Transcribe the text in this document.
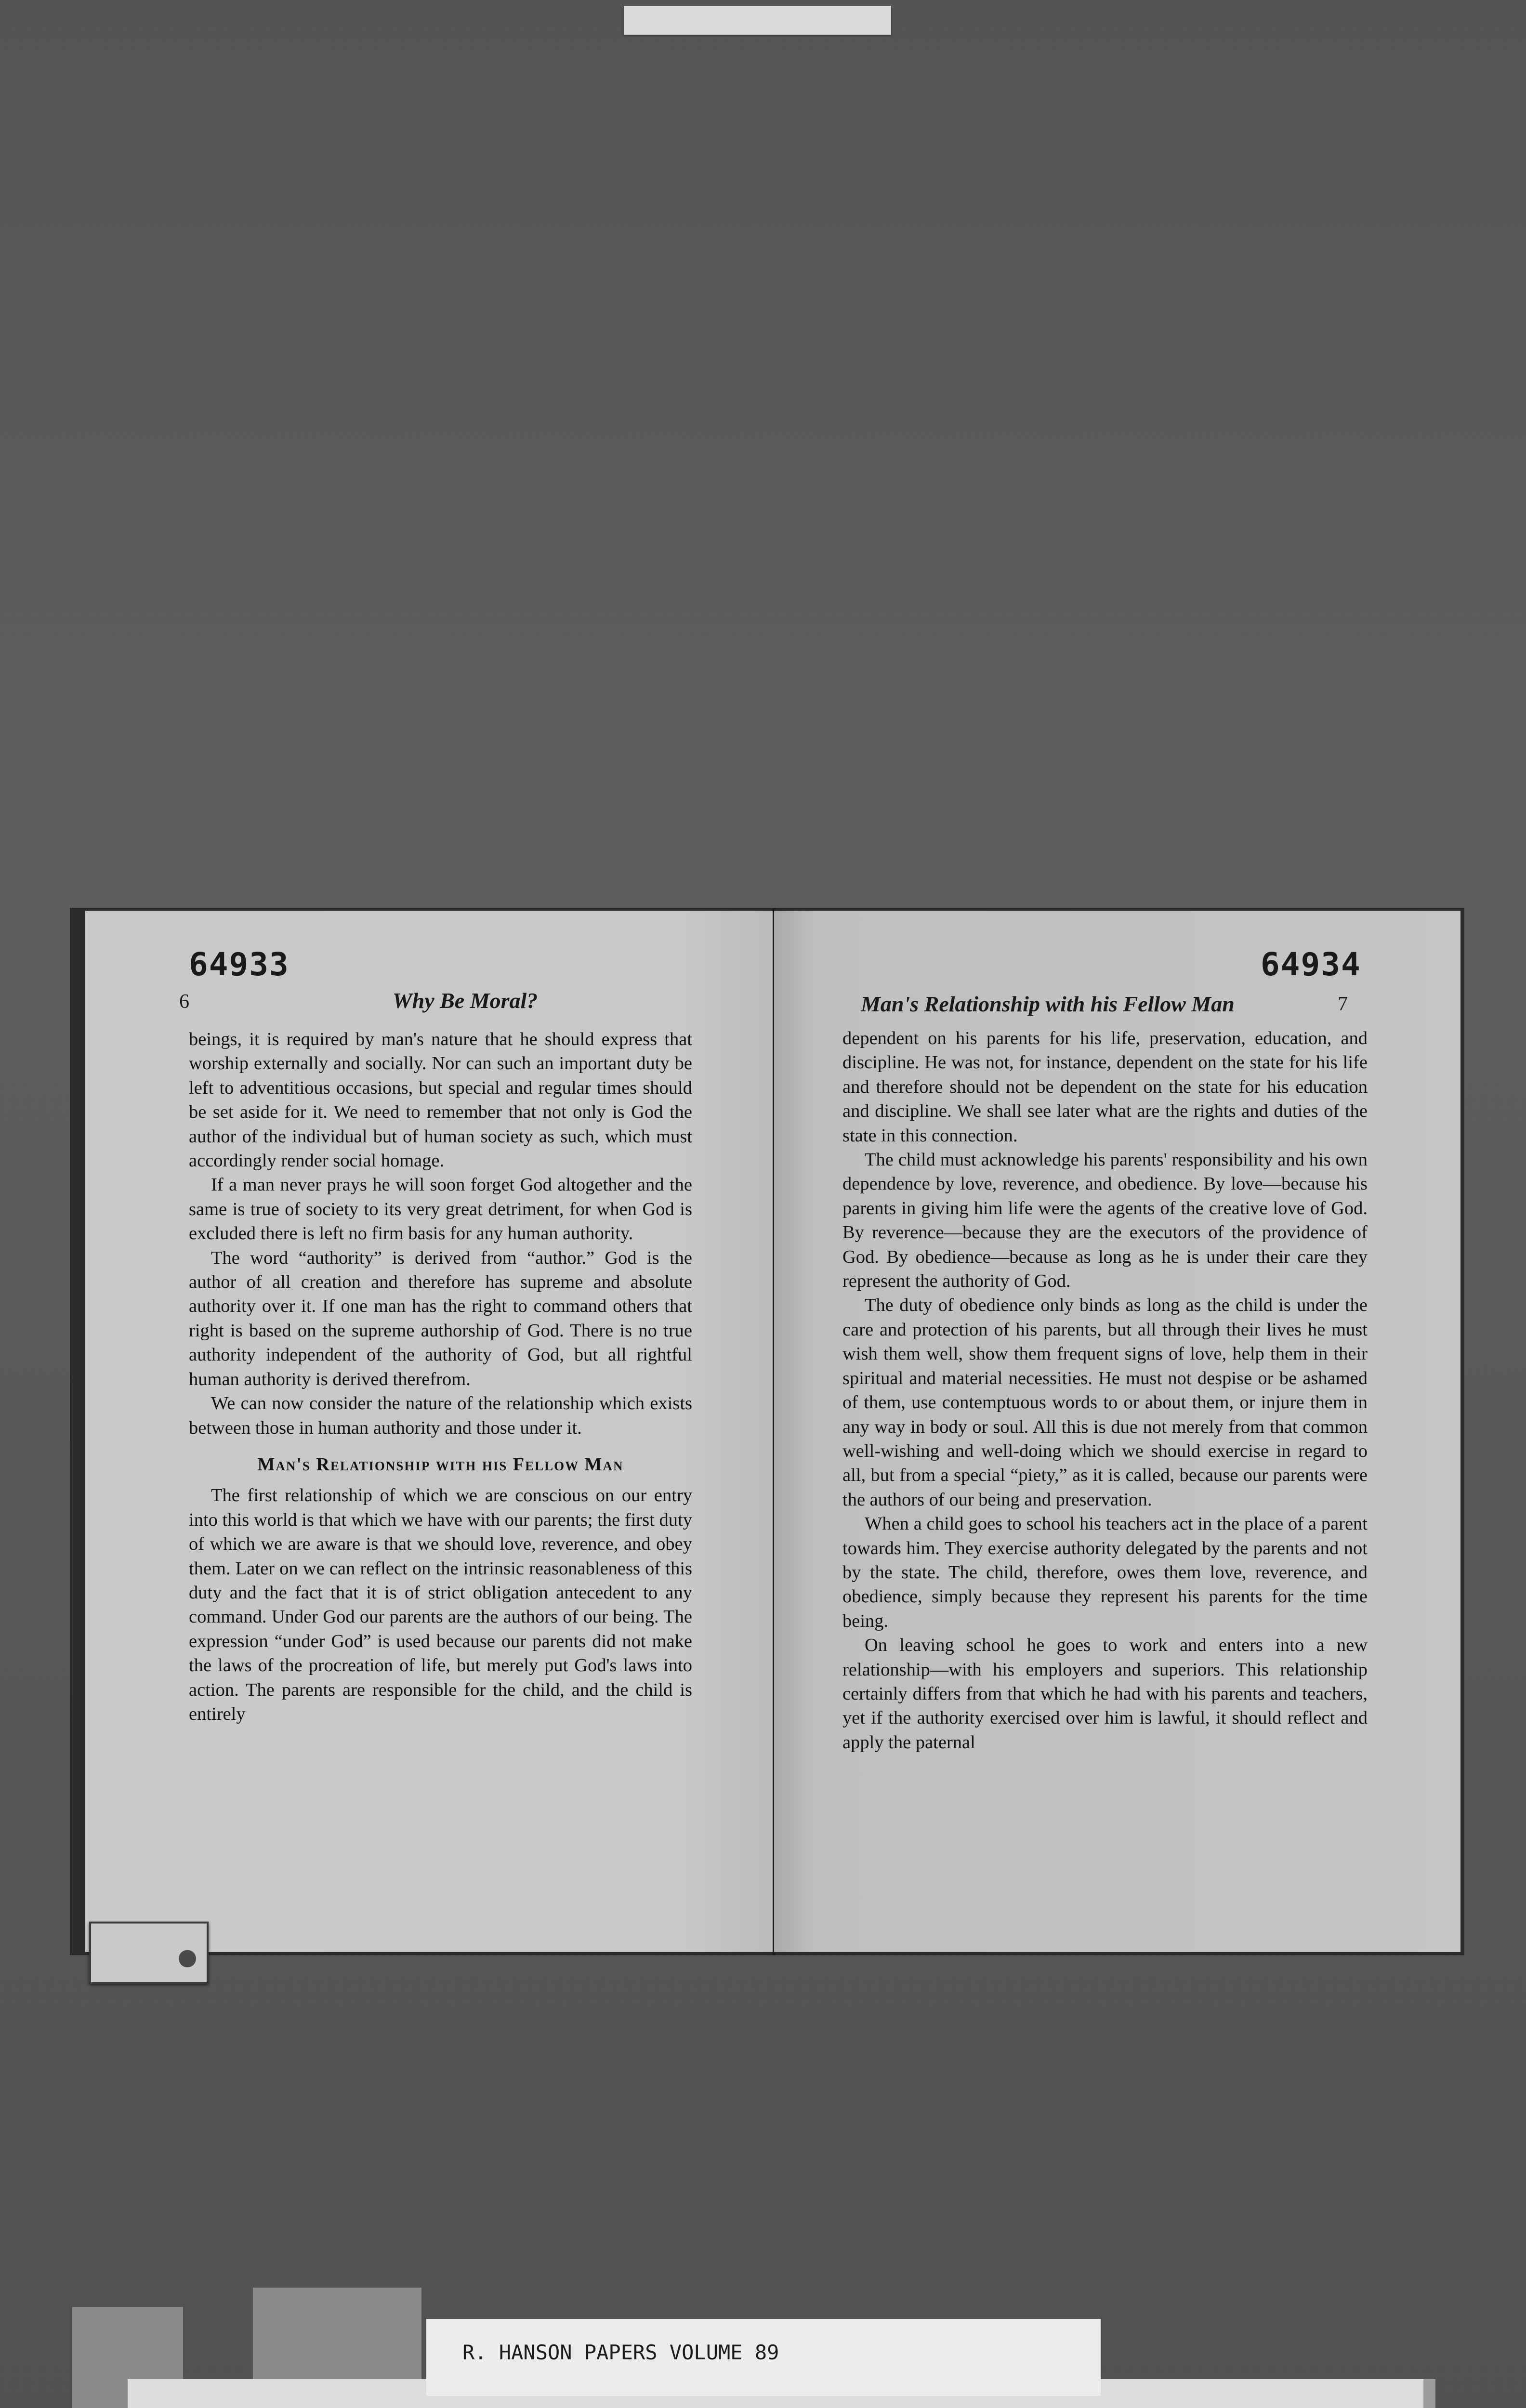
64933
6	Why Be Moral?

beings, it is required by man's nature that he should express that worship externally and socially. Nor can such an important duty be left to adventitious occasions, but special and regular times should be set aside for it. We need to remember that not only is God the author of the individual but of human society as such, which must accordingly render social homage.

If a man never prays he will soon forget God altogether and the same is true of society to its very great detriment, for when God is excluded there is left no firm basis for any human authority.

The word “authority” is derived from “author.” God is the author of all creation and therefore has supreme and absolute authority over it. If one man has the right to command others that right is based on the supreme authorship of God. There is no true authority independent of the authority of God, but all rightful human authority is derived therefrom.

We can now consider the nature of the relationship which exists between those in human authority and those under it.

Man's Relationship with his Fellow Man

The first relationship of which we are conscious on our entry into this world is that which we have with our parents; the first duty of which we are aware is that we should love, reverence, and obey them. Later on we can reflect on the intrinsic reasonableness of this duty and the fact that it is of strict obligation antecedent to any command. Under God our parents are the authors of our being. The expression “under God” is used because our parents did not make the laws of the procreation of life, but merely put God's laws into action. The parents are responsible for the child, and the child is entirely

64934
Man's Relationship with his Fellow Man	7

dependent on his parents for his life, preservation, education, and discipline. He was not, for instance, dependent on the state for his life and therefore should not be dependent on the state for his education and discipline. We shall see later what are the rights and duties of the state in this connection.

The child must acknowledge his parents' responsibility and his own dependence by love, reverence, and obedience. By love—because his parents in giving him life were the agents of the creative love of God. By reverence—because they are the executors of the providence of God. By obedience—because as long as he is under their care they represent the authority of God.

The duty of obedience only binds as long as the child is under the care and protection of his parents, but all through their lives he must wish them well, show them frequent signs of love, help them in their spiritual and material necessities. He must not despise or be ashamed of them, use contemptuous words to or about them, or injure them in any way in body or soul. All this is due not merely from that common well-wishing and well-doing which we should exercise in regard to all, but from a special “piety,” as it is called, because our parents were the authors of our being and preservation.

When a child goes to school his teachers act in the place of a parent towards him. They exercise authority delegated by the parents and not by the state. The child, therefore, owes them love, reverence, and obedience, simply because they represent his parents for the time being.

On leaving school he goes to work and enters into a new relationship—with his employers and superiors. This relationship certainly differs from that which he had with his parents and teachers, yet if the authority exercised over him is lawful, it should reflect and apply the paternal

R. HANSON PAPERS VOLUME 89
